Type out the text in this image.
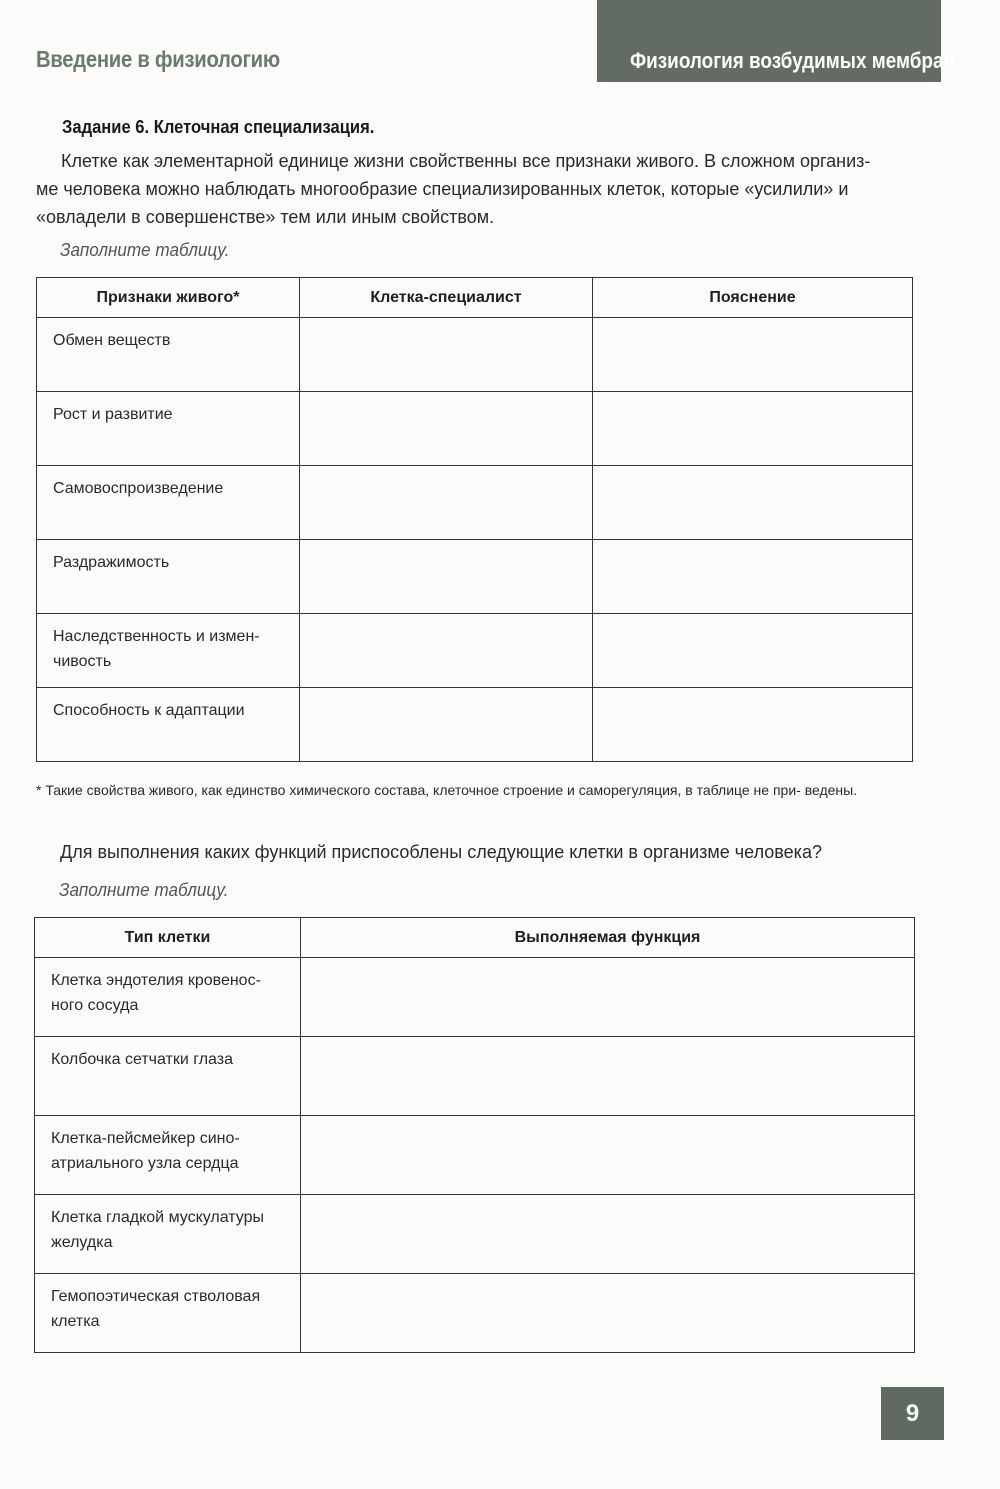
Введение в физиологию	Физиология возбудимых мембран
Задание 6. Клеточная специализация.
Клетке как элементарной единице жизни свойственны все признаки живого. В сложном организ-
ме человека можно наблюдать многообразие специализированных клеток, которые «усилили» и
«овладели в совершенстве» тем или иным свойством.
Заполните таблицу.
Признаки живого*	Клетка-специалист	Пояснение

Обмен веществ		

Рост и развитие		

Самовоспроизведение		

Раздражимость		

Наследственность и измен-
чивость		

Способность к адаптации		

* Такие свойства живого, как единство химического состава, клеточное строение и саморегуляция, в таблице не при- ведены.
Для выполнения каких функций приспособлены следующие клетки в организме человека?
Заполните таблицу.
Тип клетки	Выполняемая функция

Клетка эндотелия кровенос-
ного сосуда	

Колбочка сетчатки глаза	

Клетка-пейсмейкер сино-
атриального узла сердца	

Клетка гладкой мускулатуры
желудка	

Гемопоэтическая стволовая
клетка	

9
